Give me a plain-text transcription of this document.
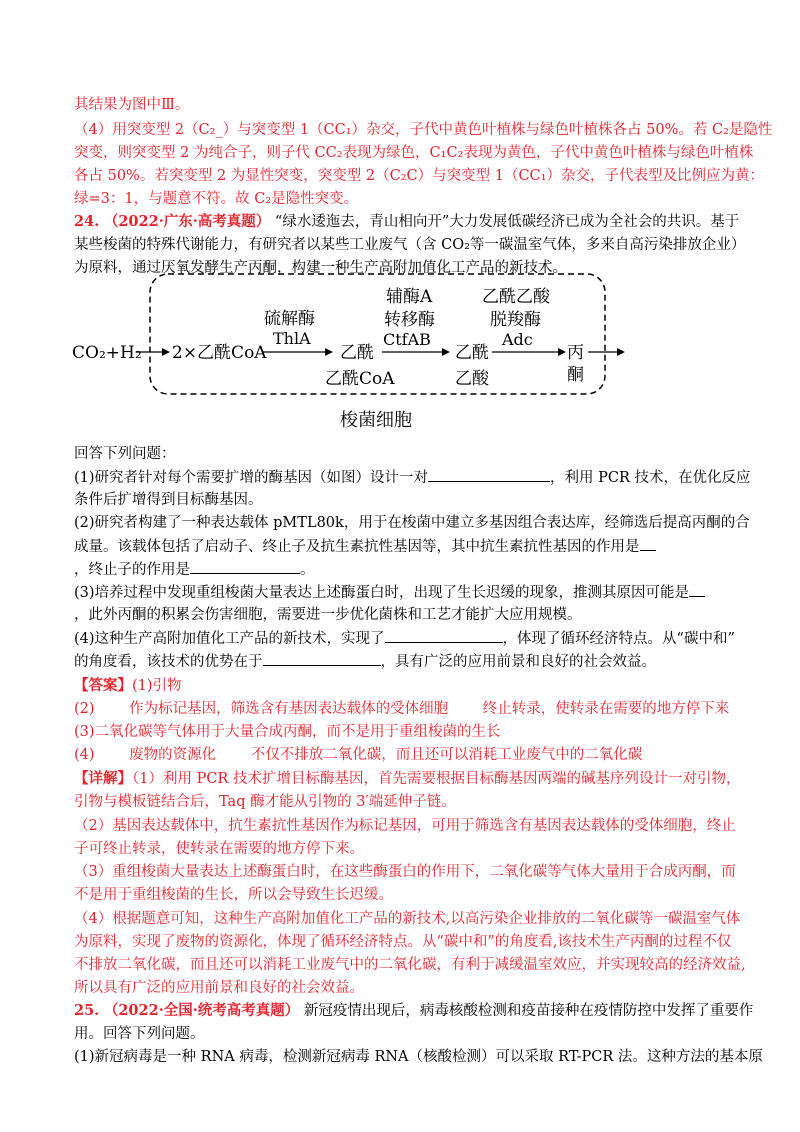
其结果为图中Ⅲ。
（4）用突变型 2（C₂_）与突变型 1（CC₁）杂交，子代中黄色叶植株与绿色叶植株各占 50%。若 C₂是隐性
突变，则突变型 2 为纯合子，则子代 CC₂表现为绿色，C₁C₂表现为黄色，子代中黄色叶植株与绿色叶植株
各占 50%。若突变型 2 为显性突变，突变型 2（C₂C）与突变型 1（CC₁）杂交，子代表型及比例应为黄：
绿=3：1，与题意不符。故 C₂是隐性突变。
24. （2022·广东·高考真题） “绿水逶迤去，青山相向开”大力发展低碳经济已成为全社会的共识。基于
某些梭菌的特殊代谢能力，有研究者以某些工业废气（含 CO₂等一碳温室气体，多来自高污染排放企业）
为原料，通过厌氧发酵生产丙酮，构建一种生产高附加值化工产品的新技术。
CO₂+H₂ 2×乙酰CoA
硫解酶
ThlA
乙酰
乙酰CoA
辅酶A
转移酶
CtfAB
乙酰
乙酸
乙酰乙酸
脱羧酶
Adc
丙
酮
梭菌细胞
回答下列问题：
(1)研究者针对每个需要扩增的酶基因（如图）设计一对	，利用 PCR 技术，在优化反应
条件后扩增得到目标酶基因。
(2)研究者构建了一种表达载体 pMTL80k，用于在梭菌中建立多基因组合表达库，经筛选后提高丙酮的合
成量。该载体包括了启动子、终止子及抗生素抗性基因等，其中抗生素抗性基因的作用是
，终止子的作用是	。
(3)培养过程中发现重组梭菌大量表达上述酶蛋白时，出现了生长迟缓的现象，推测其原因可能是
，此外丙酮的积累会伤害细胞，需要进一步优化菌株和工艺才能扩大应用规模。
(4)这种生产高附加值化工产品的新技术，实现了	，体现了循环经济特点。从“碳中和”
的角度看，该技术的优势在于	，具有广泛的应用前景和良好的社会效益。
【答案】(1)引物
(2) 作为标记基因，筛选含有基因表达载体的受体细胞 终止转录，使转录在需要的地方停下来
(3)二氧化碳等气体用于大量合成丙酮，而不是用于重组梭菌的生长
(4) 废物的资源化 不仅不排放二氧化碳，而且还可以消耗工业废气中的二氧化碳
【详解】（1）利用 PCR 技术扩增目标酶基因，首先需要根据目标酶基因两端的碱基序列设计一对引物，
引物与模板链结合后，Taq 酶才能从引物的 3′端延伸子链。
（2）基因表达载体中，抗生素抗性基因作为标记基因，可用于筛选含有基因表达载体的受体细胞，终止
子可终止转录，使转录在需要的地方停下来。
（3）重组梭菌大量表达上述酶蛋白时，在这些酶蛋白的作用下，二氧化碳等气体大量用于合成丙酮，而
不是用于重组梭菌的生长，所以会导致生长迟缓。
（4）根据题意可知，这种生产高附加值化工产品的新技术,以高污染企业排放的二氧化碳等一碳温室气体
为原料，实现了废物的资源化，体现了循环经济特点。从“碳中和”的角度看,该技术生产丙酮的过程不仅
不排放二氧化碳，而且还可以消耗工业废气中的二氧化碳，有利于减缓温室效应，并实现较高的经济效益,
所以具有广泛的应用前景和良好的社会效益。
25. （2022·全国·统考高考真题） 新冠疫情出现后，病毒核酸检测和疫苗接种在疫情防控中发挥了重要作
用。回答下列问题。
(1)新冠病毒是一种 RNA 病毒，检测新冠病毒 RNA（核酸检测）可以采取 RT-PCR 法。这种方法的基本原
